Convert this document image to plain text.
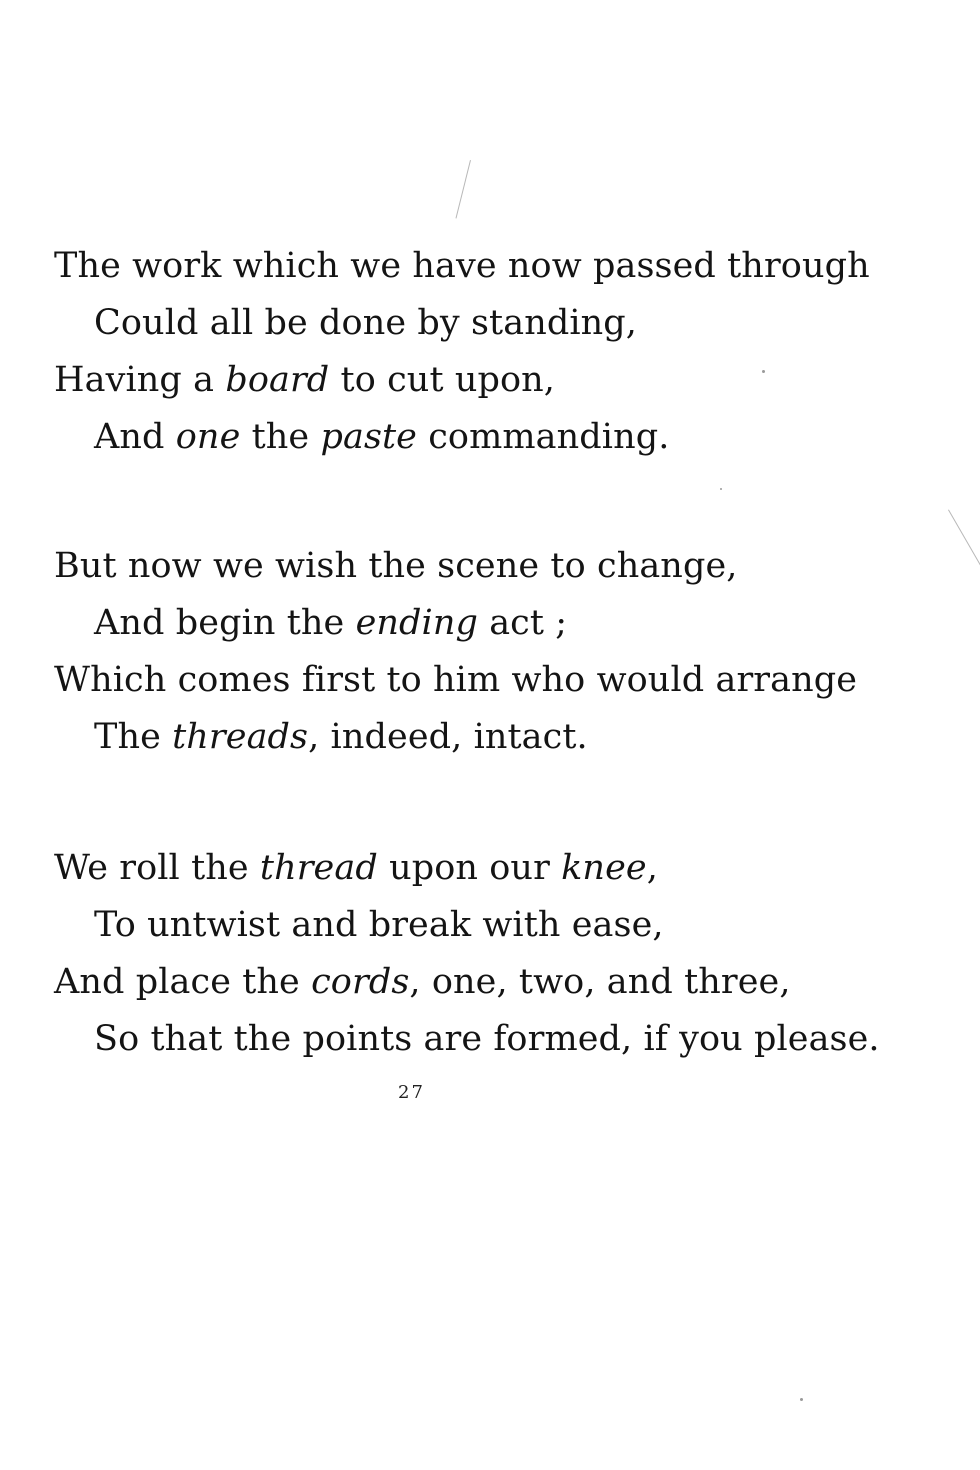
The work which we have now passed through
Could all be done by standing,
Having a board to cut upon,
And one the paste commanding.
But now we wish the scene to change,
And begin the ending act ;
Which comes first to him who would arrange
The threads, indeed, intact.
We roll the thread upon our knee,
To untwist and break with ease,
And place the cords, one, two, and three,
So that the points are formed, if you please.
27
